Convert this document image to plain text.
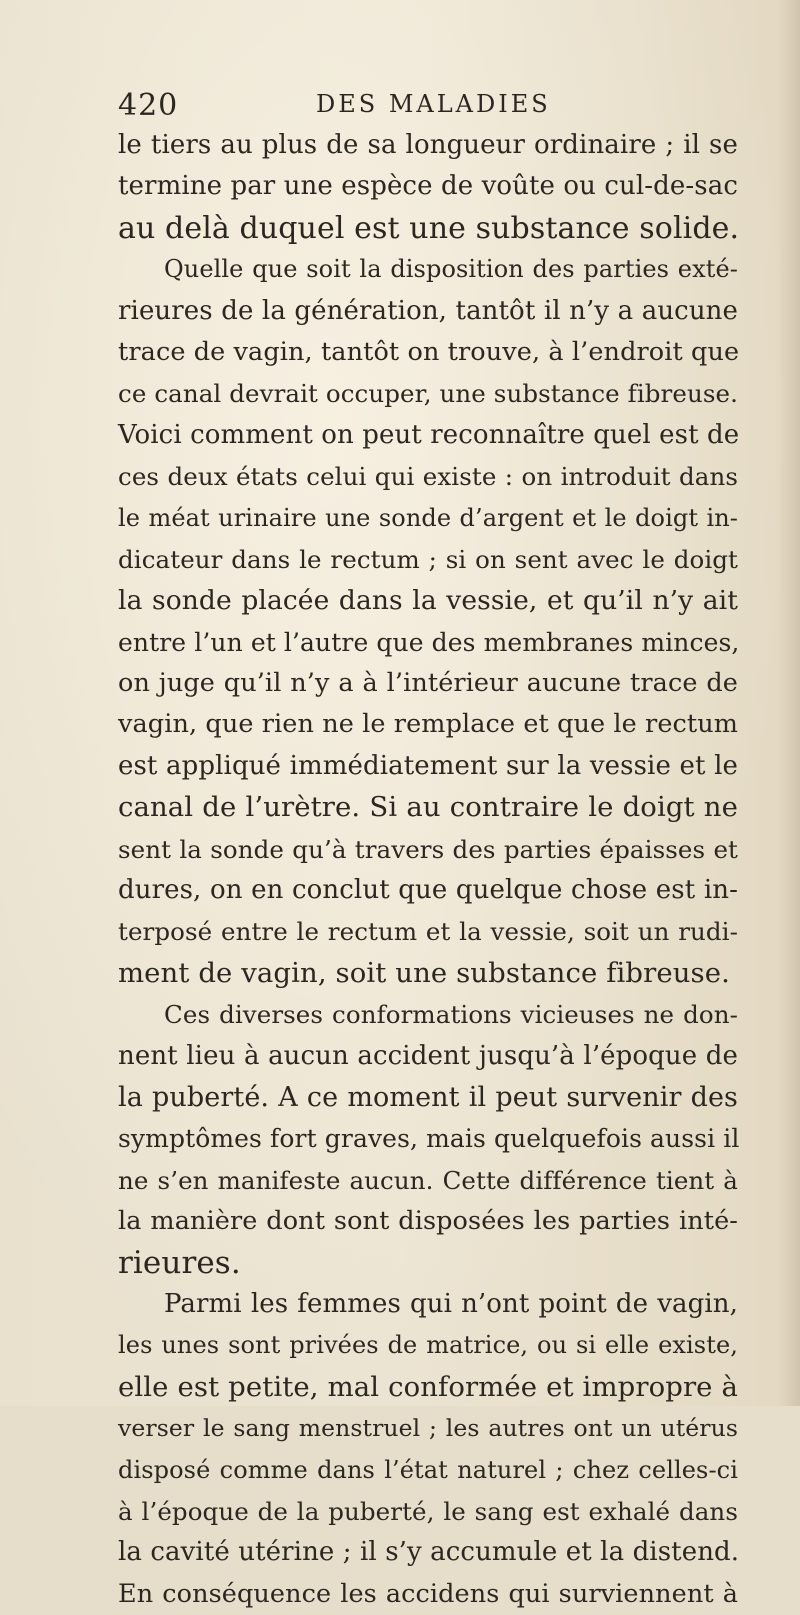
420	DES MALADIES
le tiers au plus de sa longueur ordinaire ; il se
termine par une espèce de voûte ou cul-de-sac
au delà duquel est une substance solide.
Quelle que soit la disposition des parties exté-
rieures de la génération, tantôt il n’y a aucune
trace de vagin, tantôt on trouve, à l’endroit que
ce canal devrait occuper, une substance fibreuse.
Voici comment on peut reconnaître quel est de
ces deux états celui qui existe : on introduit dans
le méat urinaire une sonde d’argent et le doigt in-
dicateur dans le rectum ; si on sent avec le doigt
la sonde placée dans la vessie, et qu’il n’y ait
entre l’un et l’autre que des membranes minces,
on juge qu’il n’y a à l’intérieur aucune trace de
vagin, que rien ne le remplace et que le rectum
est appliqué immédiatement sur la vessie et le
canal de l’urètre. Si au contraire le doigt ne
sent la sonde qu’à travers des parties épaisses et
dures, on en conclut que quelque chose est in-
terposé entre le rectum et la vessie, soit un rudi-
ment de vagin, soit une substance fibreuse.
Ces diverses conformations vicieuses ne don-
nent lieu à aucun accident jusqu’à l’époque de
la puberté. A ce moment il peut survenir des
symptômes fort graves, mais quelquefois aussi il
ne s’en manifeste aucun. Cette différence tient à
la manière dont sont disposées les parties inté-
rieures.
Parmi les femmes qui n’ont point de vagin,
les unes sont privées de matrice, ou si elle existe,
elle est petite, mal conformée et impropre à
verser le sang menstruel ; les autres ont un utérus
disposé comme dans l’état naturel ; chez celles-ci
à l’époque de la puberté, le sang est exhalé dans
la cavité utérine ; il s’y accumule et la distend.
En conséquence les accidens qui surviennent à
